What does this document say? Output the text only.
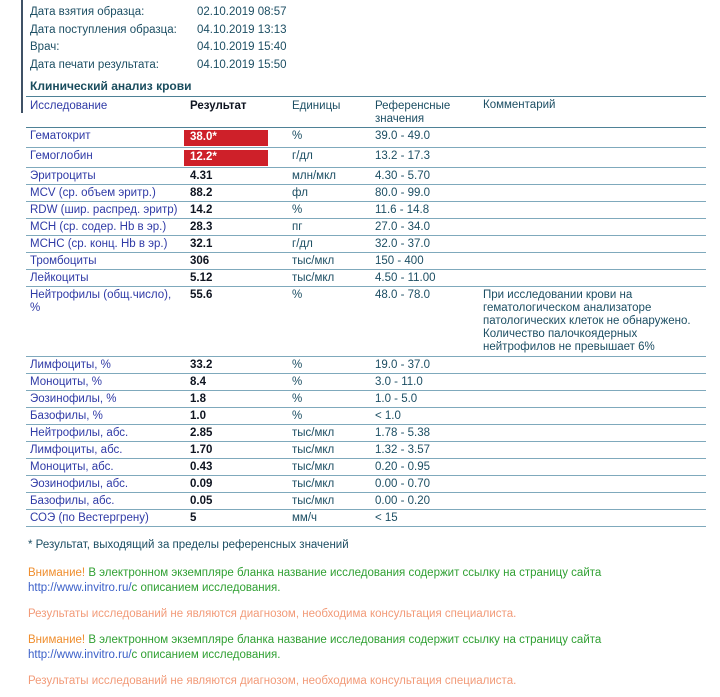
Дата взятия образца:	02.10.2019 08:57
Дата поступления образца:	04.10.2019 13:13
Врач:	04.10.2019 15:40
Дата печати результата:	04.10.2019 15:50
Клинический анализ крови
Исследование	Результат	Единицы	Референсные значения	Комментарий
Гематокрит	38.0*	%	39.0 - 49.0	
Гемоглобин	12.2*	г/дл	13.2 - 17.3	
Эритроциты	4.31	млн/мкл	4.30 - 5.70	
MCV (ср. объем эритр.)	88.2	фл	80.0 - 99.0	
RDW (шир. распред. эритр)	14.2	%	11.6 - 14.8	
MCH (ср. содер. Hb в эр.)	28.3	пг	27.0 - 34.0	
МСНС (ср. конц. Hb в эр.)	32.1	г/дл	32.0 - 37.0	
Тромбоциты	306	тыс/мкл	150 - 400	
Лейкоциты	5.12	тыс/мкл	4.50 - 11.00	
Нейтрофилы (общ.число), %	55.6	%	48.0 - 78.0	При исследовании крови на гематологическом анализаторе патологических клеток не обнаружено. Количество палочкоядерных нейтрофилов не превышает 6%
Лимфоциты, %	33.2	%	19.0 - 37.0	
Моноциты, %	8.4	%	3.0 - 11.0	
Эозинофилы, %	1.8	%	1.0 - 5.0	
Базофилы, %	1.0	%	< 1.0	
Нейтрофилы, абс.	2.85	тыс/мкл	1.78 - 5.38	
Лимфоциты, абс.	1.70	тыс/мкл	1.32 - 3.57	
Моноциты, абс.	0.43	тыс/мкл	0.20 - 0.95	
Эозинофилы, абс.	0.09	тыс/мкл	0.00 - 0.70	
Базофилы, абс.	0.05	тыс/мкл	0.00 - 0.20	
СОЭ (по Вестергрену)	5	мм/ч	< 15	
* Результат, выходящий за пределы референсных значений
Внимание! В электронном экземпляре бланка название исследования содержит ссылку на страницу сайта
http://www.invitro.ru/с описанием исследования.
Результаты исследований не являются диагнозом, необходима консультация специалиста.
Внимание! В электронном экземпляре бланка название исследования содержит ссылку на страницу сайта
http://www.invitro.ru/с описанием исследования.
Результаты исследований не являются диагнозом, необходима консультация специалиста.
